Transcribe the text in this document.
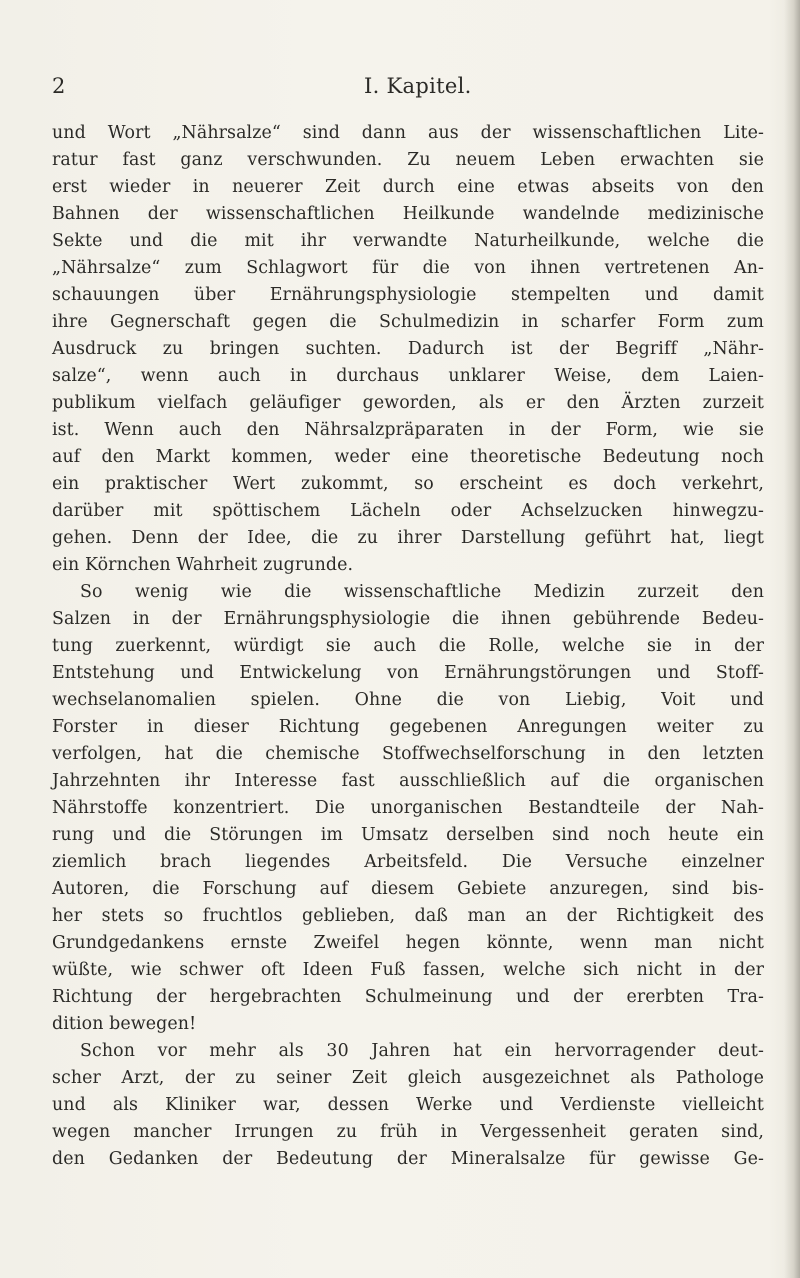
2	I. Kapitel.
und Wort „Nährsalze“ sind dann aus der wissenschaftlichen Lite-
ratur fast ganz verschwunden. Zu neuem Leben erwachten sie
erst wieder in neuerer Zeit durch eine etwas abseits von den
Bahnen der wissenschaftlichen Heilkunde wandelnde medizinische
Sekte und die mit ihr verwandte Naturheilkunde, welche die
„Nährsalze“ zum Schlagwort für die von ihnen vertretenen An-
schauungen über Ernährungsphysiologie stempelten und damit
ihre Gegnerschaft gegen die Schulmedizin in scharfer Form zum
Ausdruck zu bringen suchten. Dadurch ist der Begriff „Nähr-
salze“, wenn auch in durchaus unklarer Weise, dem Laien-
publikum vielfach geläufiger geworden, als er den Ärzten zurzeit
ist. Wenn auch den Nährsalzpräparaten in der Form, wie sie
auf den Markt kommen, weder eine theoretische Bedeutung noch
ein praktischer Wert zukommt, so erscheint es doch verkehrt,
darüber mit spöttischem Lächeln oder Achselzucken hinwegzu-
gehen. Denn der Idee, die zu ihrer Darstellung geführt hat, liegt
ein Körnchen Wahrheit zugrunde.
So wenig wie die wissenschaftliche Medizin zurzeit den
Salzen in der Ernährungsphysiologie die ihnen gebührende Bedeu-
tung zuerkennt, würdigt sie auch die Rolle, welche sie in der
Entstehung und Entwickelung von Ernährungstörungen und Stoff-
wechselanomalien spielen. Ohne die von Liebig, Voit und
Forster in dieser Richtung gegebenen Anregungen weiter zu
verfolgen, hat die chemische Stoffwechselforschung in den letzten
Jahrzehnten ihr Interesse fast ausschließlich auf die organischen
Nährstoffe konzentriert. Die unorganischen Bestandteile der Nah-
rung und die Störungen im Umsatz derselben sind noch heute ein
ziemlich brach liegendes Arbeitsfeld. Die Versuche einzelner
Autoren, die Forschung auf diesem Gebiete anzuregen, sind bis-
her stets so fruchtlos geblieben, daß man an der Richtigkeit des
Grundgedankens ernste Zweifel hegen könnte, wenn man nicht
wüßte, wie schwer oft Ideen Fuß fassen, welche sich nicht in der
Richtung der hergebrachten Schulmeinung und der ererbten Tra-
dition bewegen!
Schon vor mehr als 30 Jahren hat ein hervorragender deut-
scher Arzt, der zu seiner Zeit gleich ausgezeichnet als Pathologe
und als Kliniker war, dessen Werke und Verdienste vielleicht
wegen mancher Irrungen zu früh in Vergessenheit geraten sind,
den Gedanken der Bedeutung der Mineralsalze für gewisse Ge-
